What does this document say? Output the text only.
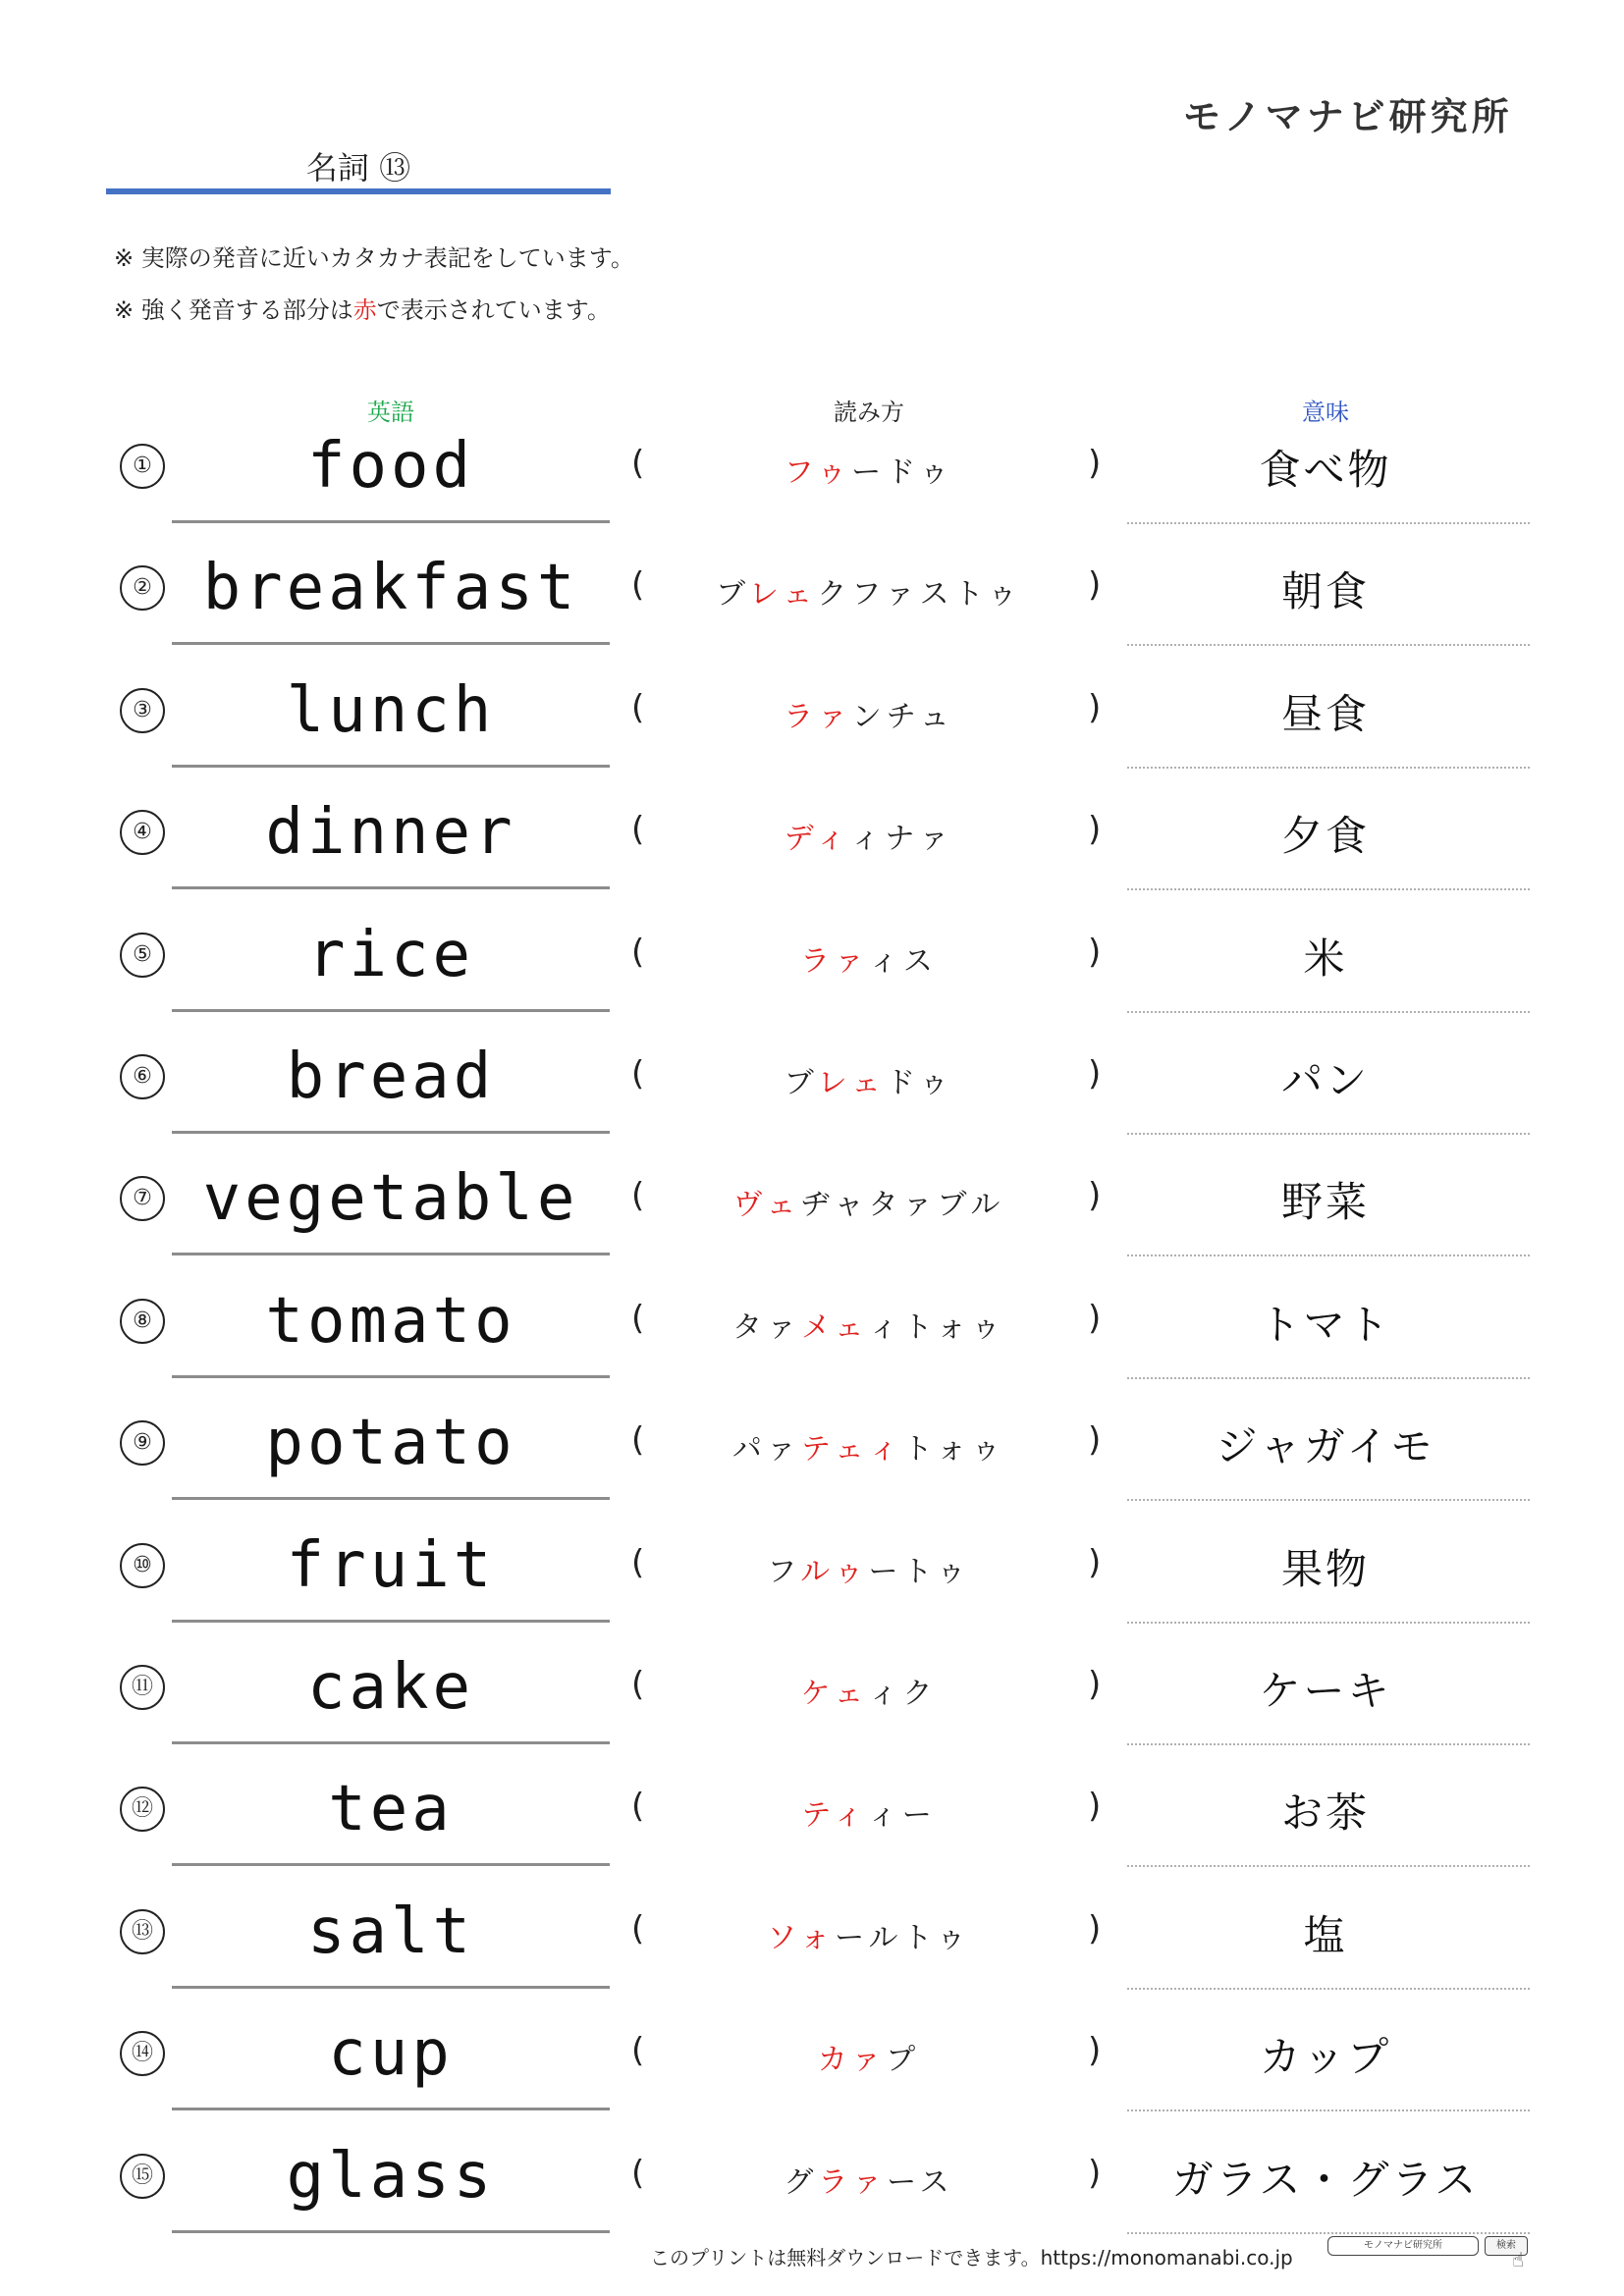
モノマナビ研究所
名詞 ⑬
※ 実際の発音に近いカタカナ表記をしています。
※ 強く発音する部分は赤で表示されています。
英語	読み方	意味
①	food	(	フゥードゥ	)	食べ物
② breakfast	(	ブレェクファストゥ	)	朝食
③	lunch	(	ラァンチュ	)	昼食
④	dinner	(	ディィナァ	)	夕食
⑤	rice	(	ラァィス	)	米
⑥	bread	(	ブレェドゥ	)	パン
⑦ vegetable	(	ヴェヂャタァブル	)	野菜
⑧	tomato	(	タァメェィトォゥ	)	トマト
⑨	potato	(	パァテェィトォゥ	)	ジャガイモ
⑩	fruit	(	フルゥートゥ	)	果物
⑪	cake	(	ケェィク	)	ケーキ
⑫	tea	(	ティィー	)	お茶
⑬	salt	(	ソォールトゥ	)	塩
⑭	cup	(	カァプ	)	カップ
⑮	glass	(	グラァース	)	ガラス・グラス
このプリントは無料ダウンロードできます。https://monomanabi.co.jp
モノマナビ研究所	検索
☝
